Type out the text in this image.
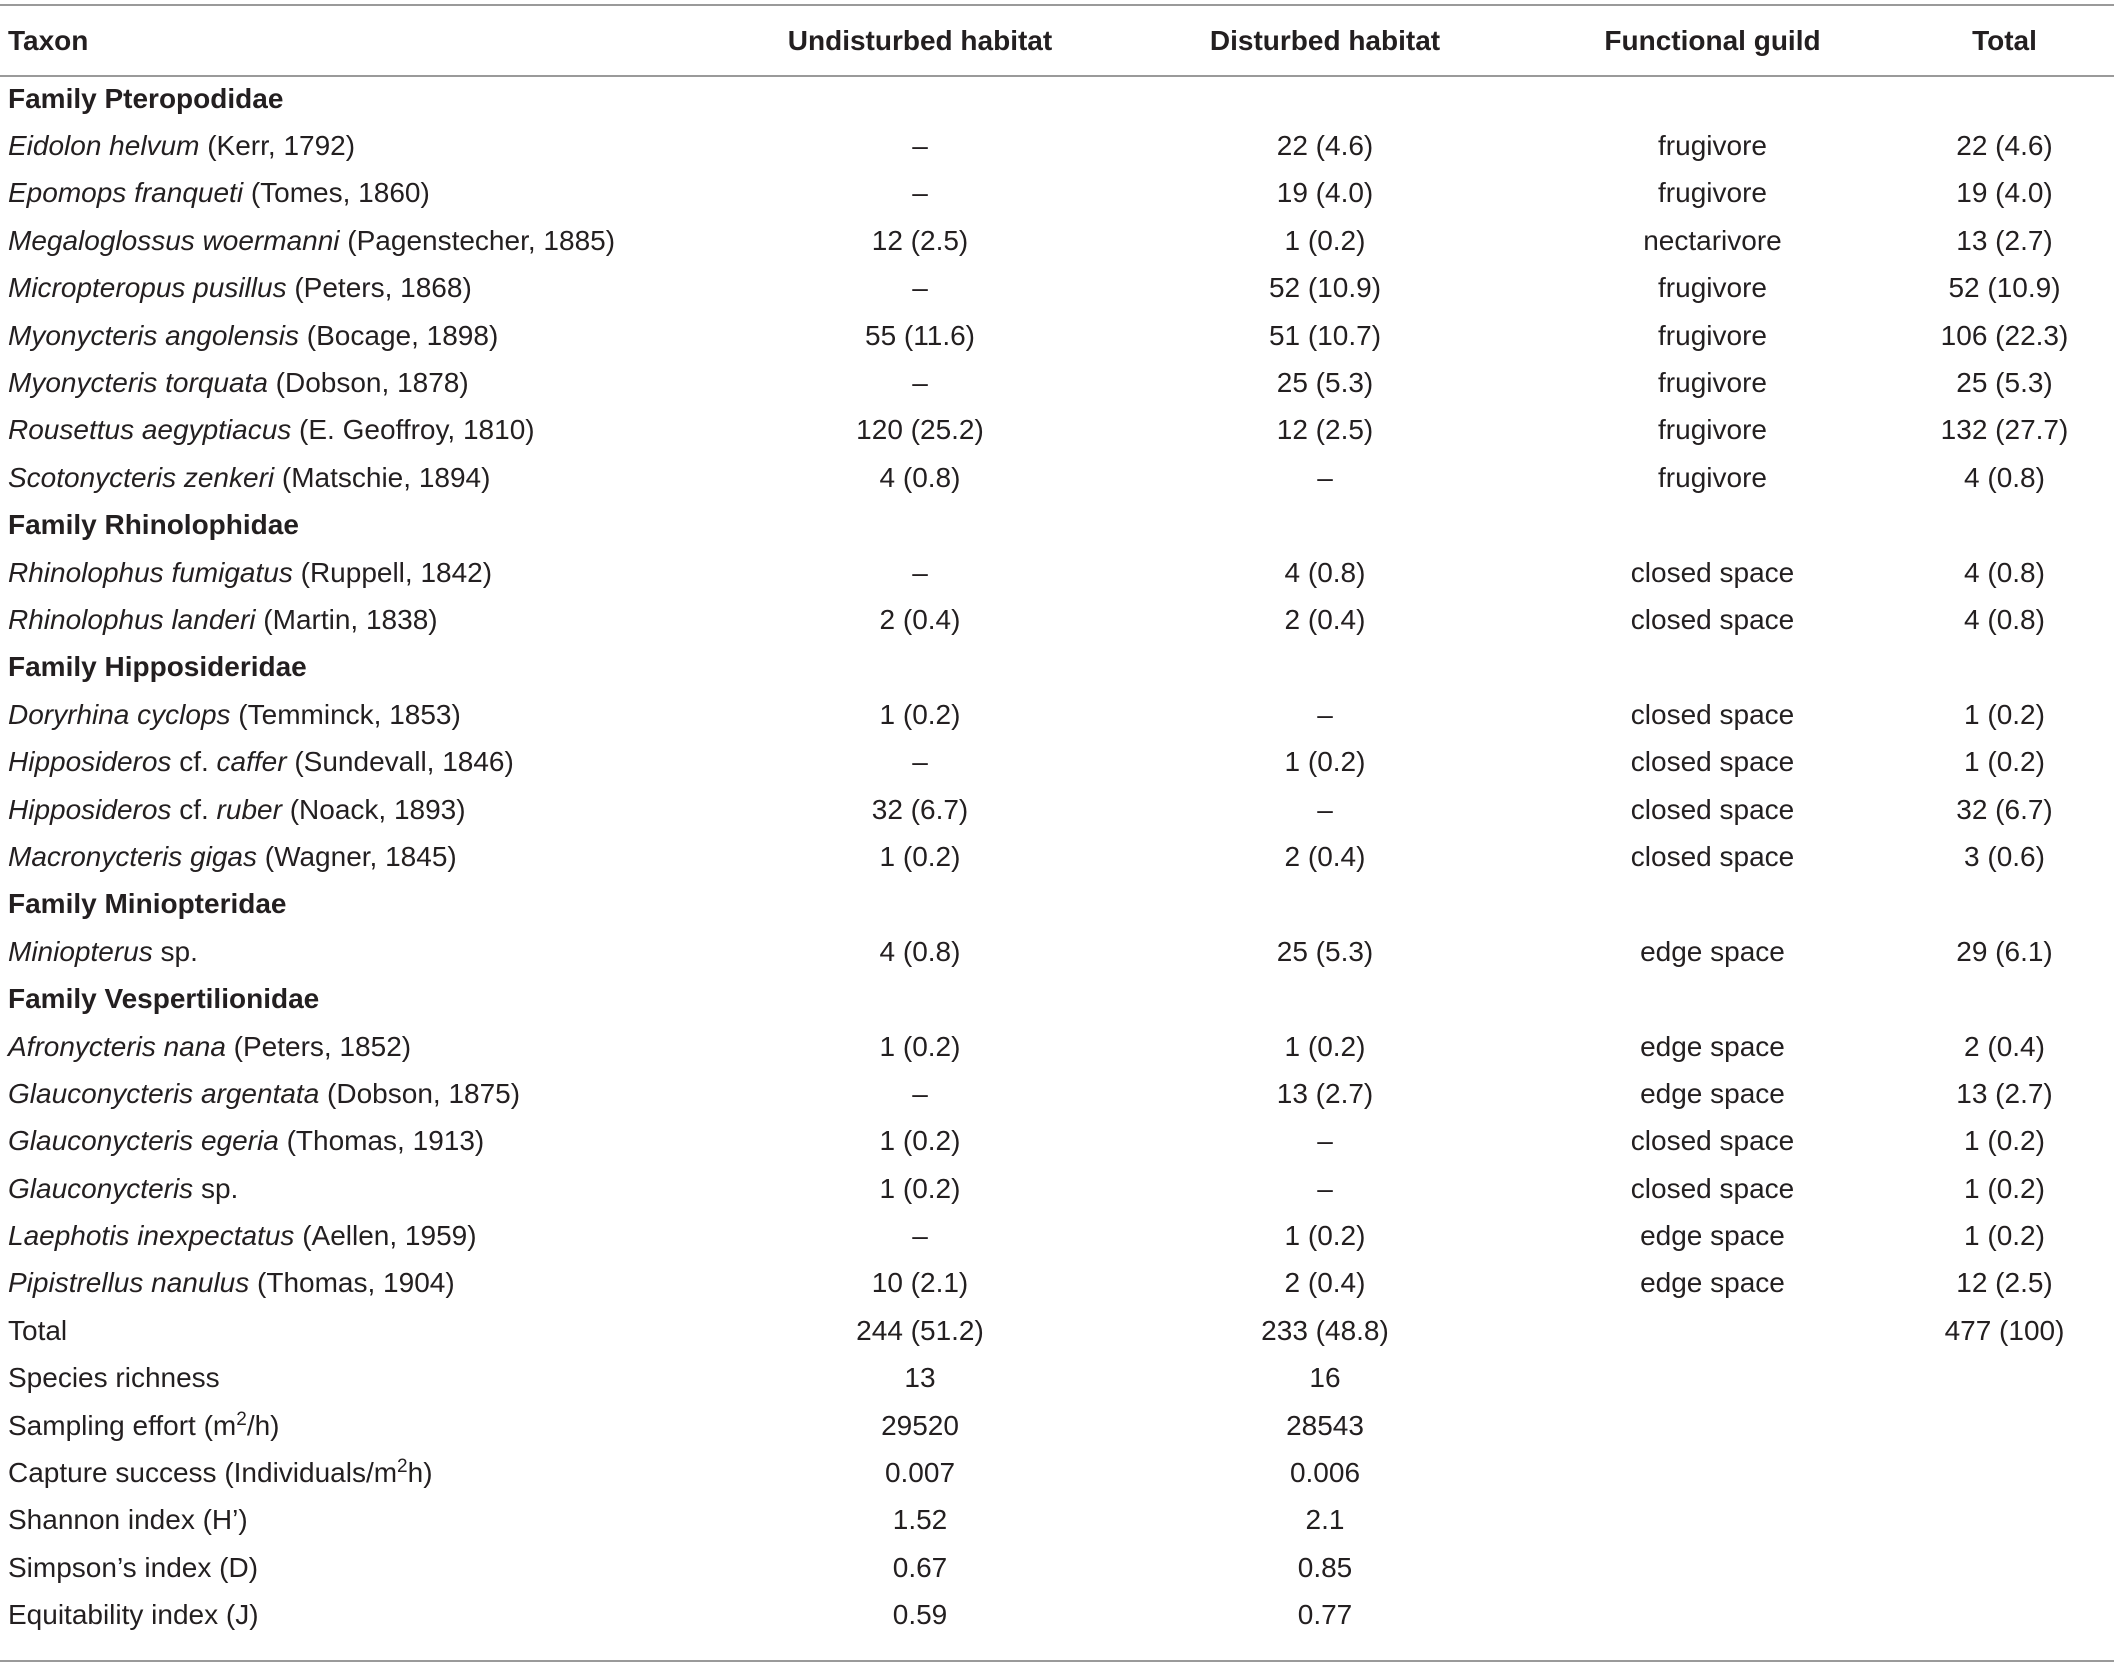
Taxon	Undisturbed habitat	Disturbed habitat	Functional guild	Total
Family Pteropodidae				
Eidolon helvum (Kerr, 1792)	–	22 (4.6)	frugivore	22 (4.6)
Epomops franqueti (Tomes, 1860)	–	19 (4.0)	frugivore	19 (4.0)
Megaloglossus woermanni (Pagenstecher, 1885)	12 (2.5)	1 (0.2)	nectarivore	13 (2.7)
Micropteropus pusillus (Peters, 1868)	–	52 (10.9)	frugivore	52 (10.9)
Myonycteris angolensis (Bocage, 1898)	55 (11.6)	51 (10.7)	frugivore	106 (22.3)
Myonycteris torquata (Dobson, 1878)	–	25 (5.3)	frugivore	25 (5.3)
Rousettus aegyptiacus (E. Geoffroy, 1810)	120 (25.2)	12 (2.5)	frugivore	132 (27.7)
Scotonycteris zenkeri (Matschie, 1894)	4 (0.8)	–	frugivore	4 (0.8)
Family Rhinolophidae				
Rhinolophus fumigatus (Ruppell, 1842)	–	4 (0.8)	closed space	4 (0.8)
Rhinolophus landeri (Martin, 1838)	2 (0.4)	2 (0.4)	closed space	4 (0.8)
Family Hipposideridae				
Doryrhina cyclops (Temminck, 1853)	1 (0.2)	–	closed space	1 (0.2)
Hipposideros cf. caffer (Sundevall, 1846)	–	1 (0.2)	closed space	1 (0.2)
Hipposideros cf. ruber (Noack, 1893)	32 (6.7)	–	closed space	32 (6.7)
Macronycteris gigas (Wagner, 1845)	1 (0.2)	2 (0.4)	closed space	3 (0.6)
Family Miniopteridae				
Miniopterus sp.	4 (0.8)	25 (5.3)	edge space	29 (6.1)
Family Vespertilionidae				
Afronycteris nana (Peters, 1852)	1 (0.2)	1 (0.2)	edge space	2 (0.4)
Glauconycteris argentata (Dobson, 1875)	–	13 (2.7)	edge space	13 (2.7)
Glauconycteris egeria (Thomas, 1913)	1 (0.2)	–	closed space	1 (0.2)
Glauconycteris sp.	1 (0.2)	–	closed space	1 (0.2)
Laephotis inexpectatus (Aellen, 1959)	–	1 (0.2)	edge space	1 (0.2)
Pipistrellus nanulus (Thomas, 1904)	10 (2.1)	2 (0.4)	edge space	12 (2.5)
Total	244 (51.2)	233 (48.8)		477 (100)
Species richness	13	16		
Sampling effort $(m^2/h)$	29520	28543		
Capture success $(Individuals/m^2h)$	0.007	0.006		
Shannon index (H’)	1.52	2.1		
Simpson’s index (D)	0.67	0.85		
Equitability index (J)	0.59	0.77		
